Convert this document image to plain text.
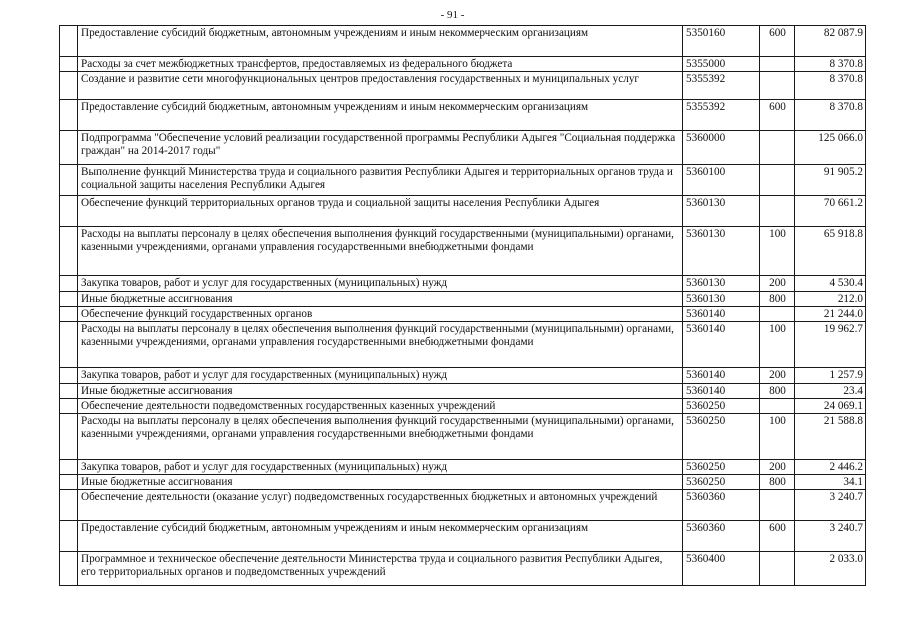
- 91 -
	Предоставление субсидий бюджетным, автономным учреждениям и иным некоммерческим организациям	5350160	600	82 087.9
	Расходы за счет межбюджетных трансфертов, предоставляемых из федерального бюджета	5355000		8 370.8
	Создание и развитие сети многофункциональных центров предоставления государственных и муниципальных услуг	5355392		8 370.8
	Предоставление субсидий бюджетным, автономным учреждениям и иным некоммерческим организациям	5355392	600	8 370.8
	Подпрограмма "Обеспечение условий реализации государственной программы Республики Адыгея "Социальная поддержка граждан" на 2014-2017 годы"	5360000		125 066.0
	Выполнение функций Министерства труда и социального развития Республики Адыгея и территориальных органов труда и социальной защиты населения Республики Адыгея	5360100		91 905.2
	Обеспечение функций территориальных органов труда и социальной защиты населения Республики Адыгея	5360130		70 661.2
	Расходы на выплаты персоналу в целях обеспечения выполнения функций государственными (муниципальными) органами, казенными учреждениями, органами управления государственными внебюджетными фондами	5360130	100	65 918.8
	Закупка товаров, работ и услуг для государственных (муниципальных) нужд	5360130	200	4 530.4
	Иные бюджетные ассигнования	5360130	800	212.0
	Обеспечение функций государственных органов	5360140		21 244.0
	Расходы на выплаты персоналу в целях обеспечения выполнения функций государственными (муниципальными) органами, казенными учреждениями, органами управления государственными внебюджетными фондами	5360140	100	19 962.7
	Закупка товаров, работ и услуг для государственных (муниципальных) нужд	5360140	200	1 257.9
	Иные бюджетные ассигнования	5360140	800	23.4
	Обеспечение деятельности подведомственных государственных казенных учреждений	5360250		24 069.1
	Расходы на выплаты персоналу в целях обеспечения выполнения функций государственными (муниципальными) органами, казенными учреждениями, органами управления государственными внебюджетными фондами	5360250	100	21 588.8
	Закупка товаров, работ и услуг для государственных (муниципальных) нужд	5360250	200	2 446.2
	Иные бюджетные ассигнования	5360250	800	34.1
	Обеспечение деятельности (оказание услуг) подведомственных государственных бюджетных и автономных учреждений	5360360		3 240.7
	Предоставление субсидий бюджетным, автономным учреждениям и иным некоммерческим организациям	5360360	600	3 240.7
	Программное и техническое обеспечение деятельности Министерства труда и социального развития Республики Адыгея, его территориальных органов и подведомственных учреждений	5360400		2 033.0
